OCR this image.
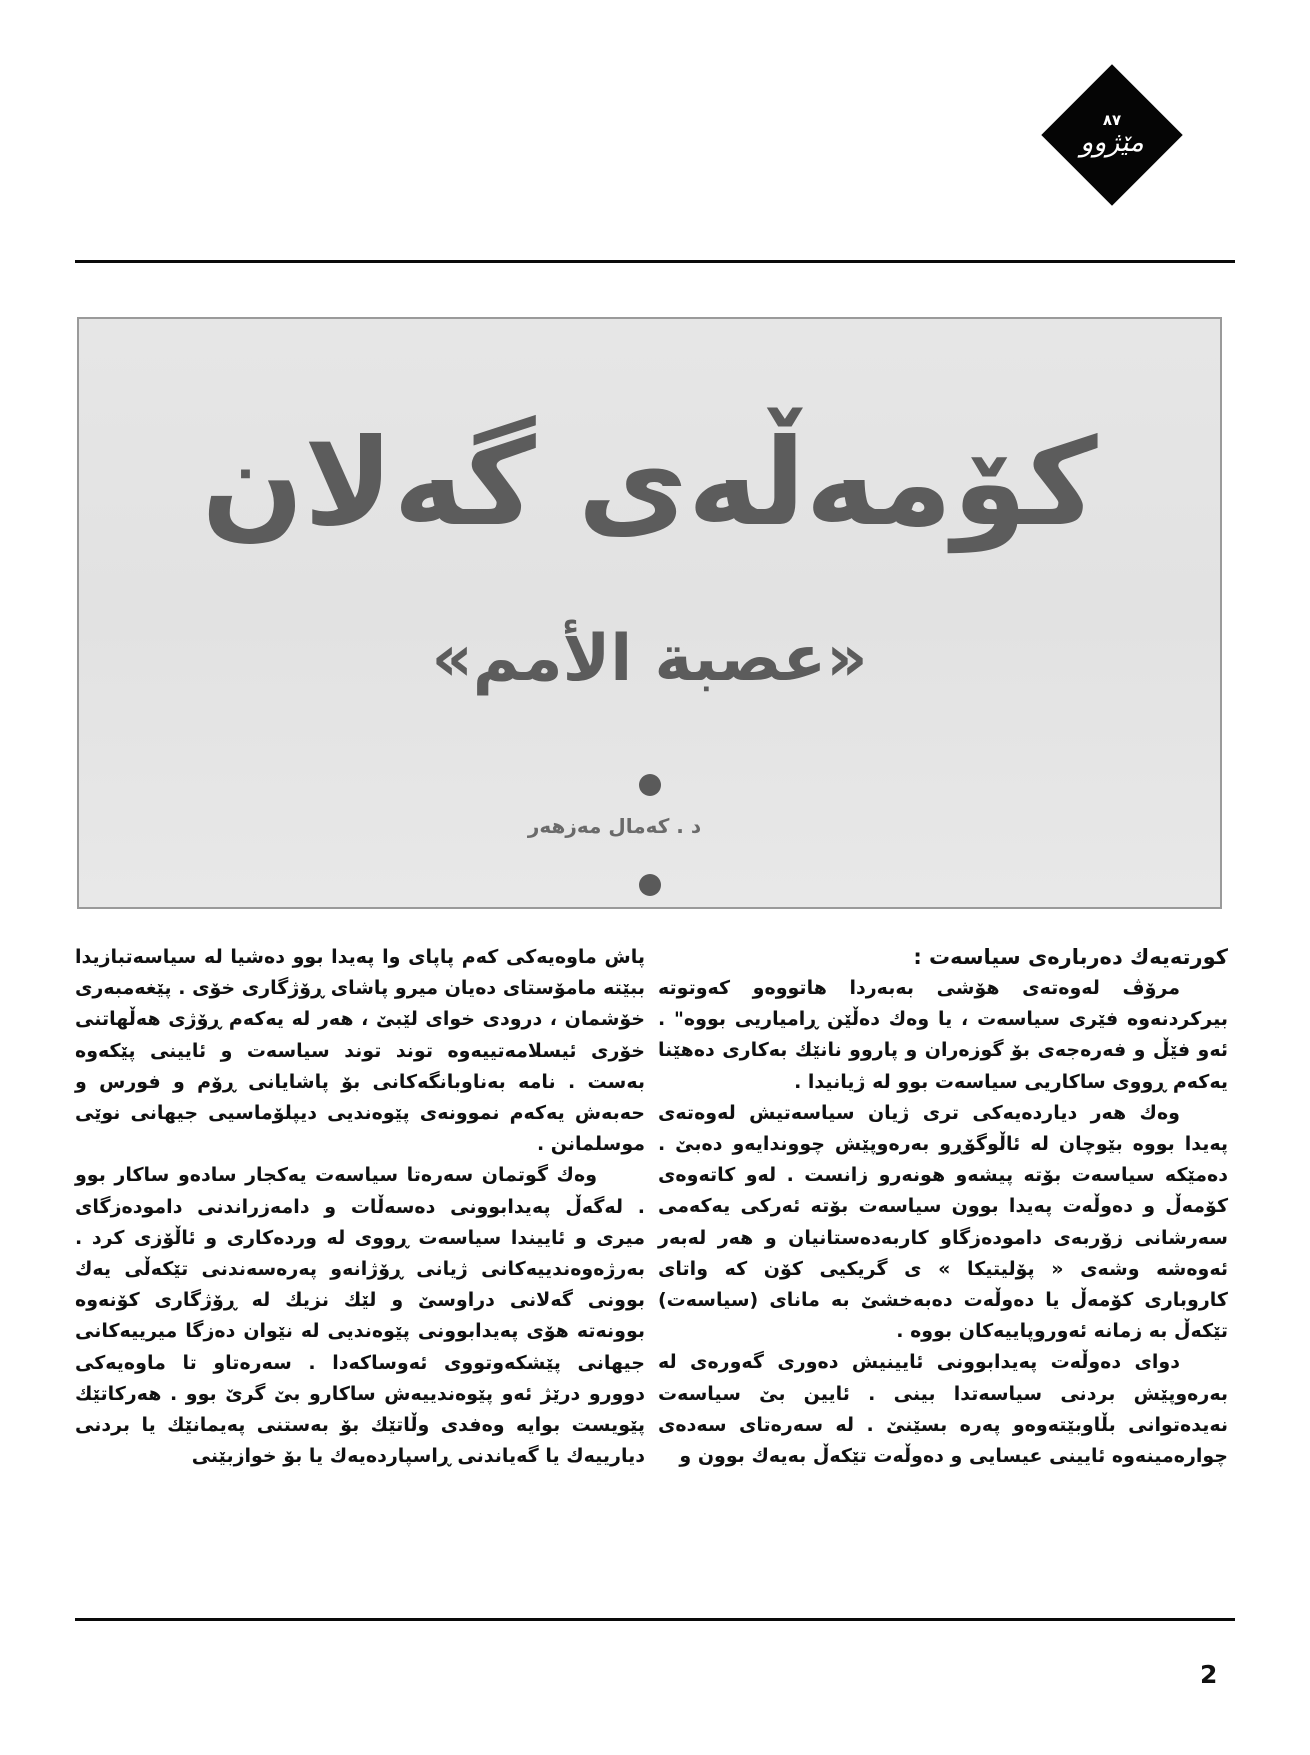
٨٧
مێژوو
کۆمەڵەی گەلان
«عصبة الأمم»
د . کەمال مەزهەر
کورتەیەك دەربارەی سیاسەت :

مرۆڤ لەوەتەی هۆشی بەبەردا هاتووەو کەوتوتە بیرکردنەوە فێری سیاسەت ، یا وەك دەڵێن ڕامیاریی بووە" . ئەو فێڵ و فەرەجەی بۆ گوزەران و پاروو نانێك بەکاری دەهێنا یەکەم ڕووی ساکاریی سیاسەت بوو لە ژیانیدا .

وەك هەر دیاردەیەکی تری ژیان سیاسەتیش لەوەتەی پەیدا بووە بێوچان لە ئاڵوگۆڕو بەرەوپێش چووندایەو دەبێ . دەمێکە سیاسەت بۆتە پیشەو هونەرو زانست . لەو کاتەوەی کۆمەڵ و دەوڵەت پەیدا بوون سیاسەت بۆتە ئەرکی یەکەمی سەرشانی زۆربەی دامودەزگاو کاربەدەستانیان و هەر لەبەر ئەوەشە وشەی « پۆلیتیکا » ی گریکیی کۆن کە واتای کاروباری کۆمەڵ یا دەوڵەت دەبەخشێ بە مانای (سیاسەت) تێکەڵ بە زمانە ئەوروپاییەکان بووە .

دوای دەوڵەت پەیدابوونی ئایینیش دەوری گەورەی لە بەرەوپێش بردنی سیاسەتدا بینی . ئایین بێ سیاسەت نەیدەتوانی بڵاوبێتەوەو پەرە بسێنێ . لە سەرەتای سەدەی چوارەمینەوە ئایینی عیسایی و دەوڵەت تێکەڵ بەیەك بوون و

پاش ماوەیەکی کەم پاپای وا پەیدا بوو دەشیا لە سیاسەتبازیدا ببێتە مامۆستای دەیان میرو پاشای ڕۆژگاری خۆی . پێغەمبەری خۆشمان ، درودی خوای لێبێ ، هەر لە یەکەم ڕۆژی هەڵهاتنی خۆری ئیسلامەتییەوە توند توند سیاسەت و ئایینی پێکەوە بەست . نامە بەناوبانگەکانی بۆ پاشایانی ڕۆم و فورس و حەبەش یەکەم نموونەی پێوەندیی دیپلۆماسیی جیهانی نوێی موسلمانن .

وەك گوتمان سەرەتا سیاسەت یەکجار سادەو ساکار بوو . لەگەڵ پەیدابوونی دەسەڵات و دامەزراندنی دامودەزگای میری و ئاییندا سیاسەت ڕووی لە وردەکاری و ئاڵۆزی کرد . بەرژەوەندییەکانی ژیانی ڕۆژانەو پەرەسەندنی تێکەڵی یەك بوونی گەلانی دراوسێ و لێك نزیك لە ڕۆژگاری کۆنەوە بوونەتە هۆی پەیدابوونی پێوەندیی لە نێوان دەزگا میرییەکانی جیهانی پێشکەوتووی ئەوساکەدا . سەرەتاو تا ماوەیەکی دوورو درێژ ئەو پێوەندییەش ساکارو بێ گرێ بوو . هەرکاتێك پێویست بوایە وەفدی وڵاتێك بۆ بەستنی پەیمانێك یا بردنی دیارییەك یا گەیاندنی ڕاسپاردەیەك یا بۆ خوازبێنی

2
